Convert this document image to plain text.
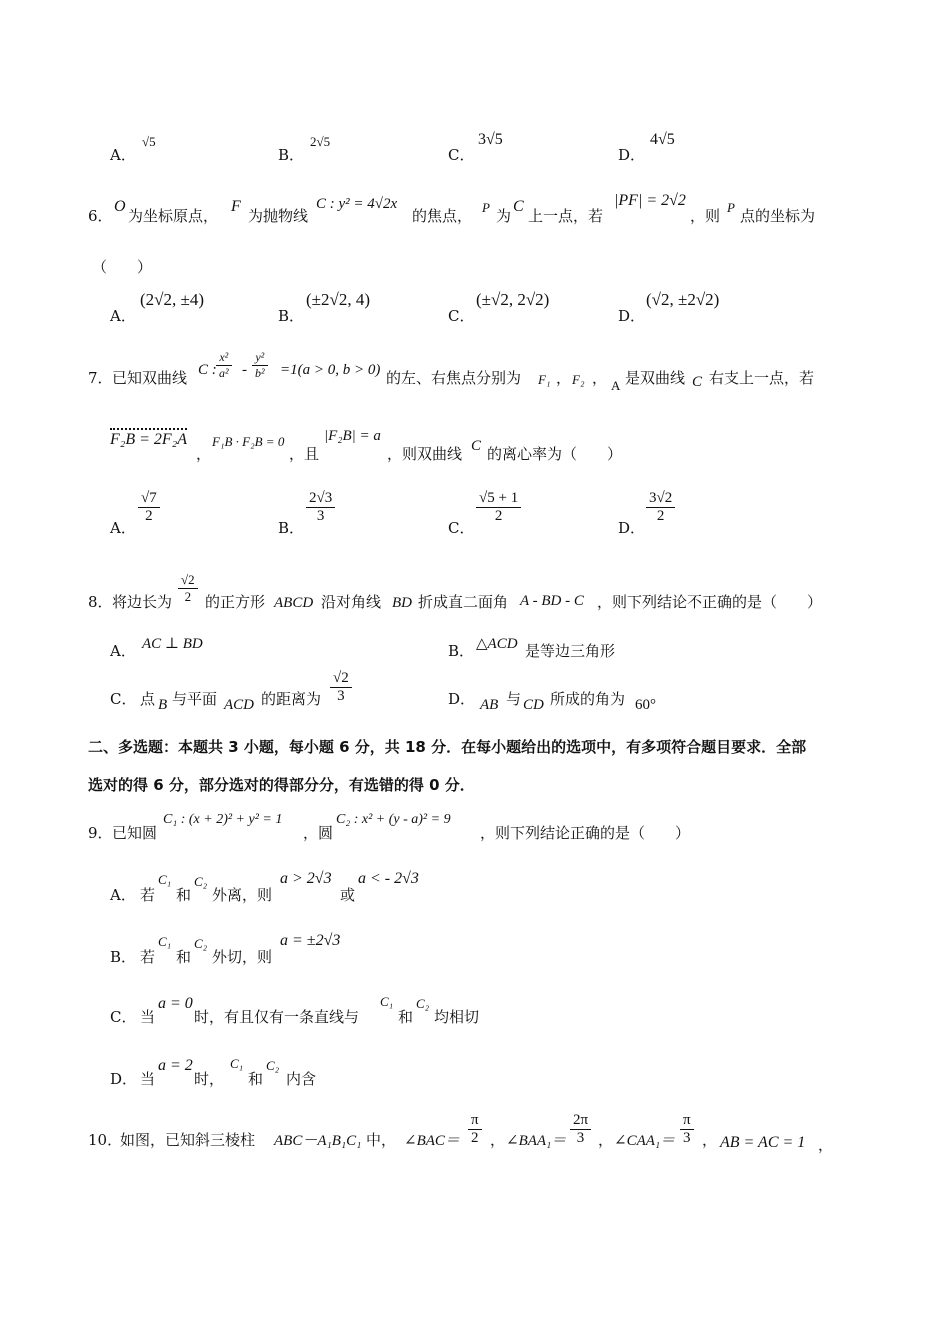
A．
√5
B．
2√5
C．
3√5
D．
4√5
6．
O
为坐标原点，
F
为抛物线
C : y² = 4√2x
的焦点， P 为
C
上一点，若
|PF| = 2√2
，则 P 点的坐标为
（　　）
A．
(2√2, ±4)
B．
(±2√2, 4)
C．
(±√2, 2√2)
D．
(√2, ±2√2)
7． 已知双曲线 C : $\frac{\text{x²}}{\text{a²}} - \frac{\text{y²}}{\text{b²}} =1(a > 0$, b > 0) 的左、右焦点分别为 F₁ ， F₂ ， A 是双曲线 C 右支上一点，若
F₂B = 2F₂A
，
F₁B · F₂B = 0
，且
|F₂B| = a
，则双曲线 C 的离心率为（　　）
A．
$\frac{√7}{2}$
B．
$\frac{2√3}{3}$
C．
$\frac{√5 + 1}{2}$
D．
$\frac{3√2}{2}$
8． 将边长为 $\frac{√2}{2}$ 的正方形 ABCD 沿对角线 BD 折成直二面角 A - BD - C ，则下列结论不正确的是（　　）
A． AC ⊥ BD	B． △ACD 是等边三角形
C． 点 B 与平面 ACD 的距离为 $\frac{√2}{3}$	D． AB 与 CD 所成的角为 60°
二、多选题：本题共 3 小题，每小题 6 分，共 18 分．在每小题给出的选项中，有多项符合题目要求．全部
选对的得 6 分，部分选对的得部分分，有选错的得 0 分．
9． 已知圆
C₁ : (x + 2)² + y² = 1
，圆
C₂ : x² + (y - a)² = 9
，则下列结论正确的是（　　）
A． 若
C₁
和
C₂
外离，则
a > 2√3
或
a < - 2√3
B． 若
C₁
和
C₂
外切，则
a = ±2√3
C． 当
a = 0
时，有且仅有一条直线与
C₁
和
C₂
均相切
D． 当
a = 2
时，
C₁
和
C₂
内含
10．
如图，已知斜三棱柱 ABC－A₁B₁C₁ 中， ∠BAC＝ $\frac{\pi}{2}$ ， ∠BAA₁＝ $\frac{2\pi}{3}$ ， ∠CAA₁＝ $\frac{\pi}{3}$ ， AB = AC = 1 ，
